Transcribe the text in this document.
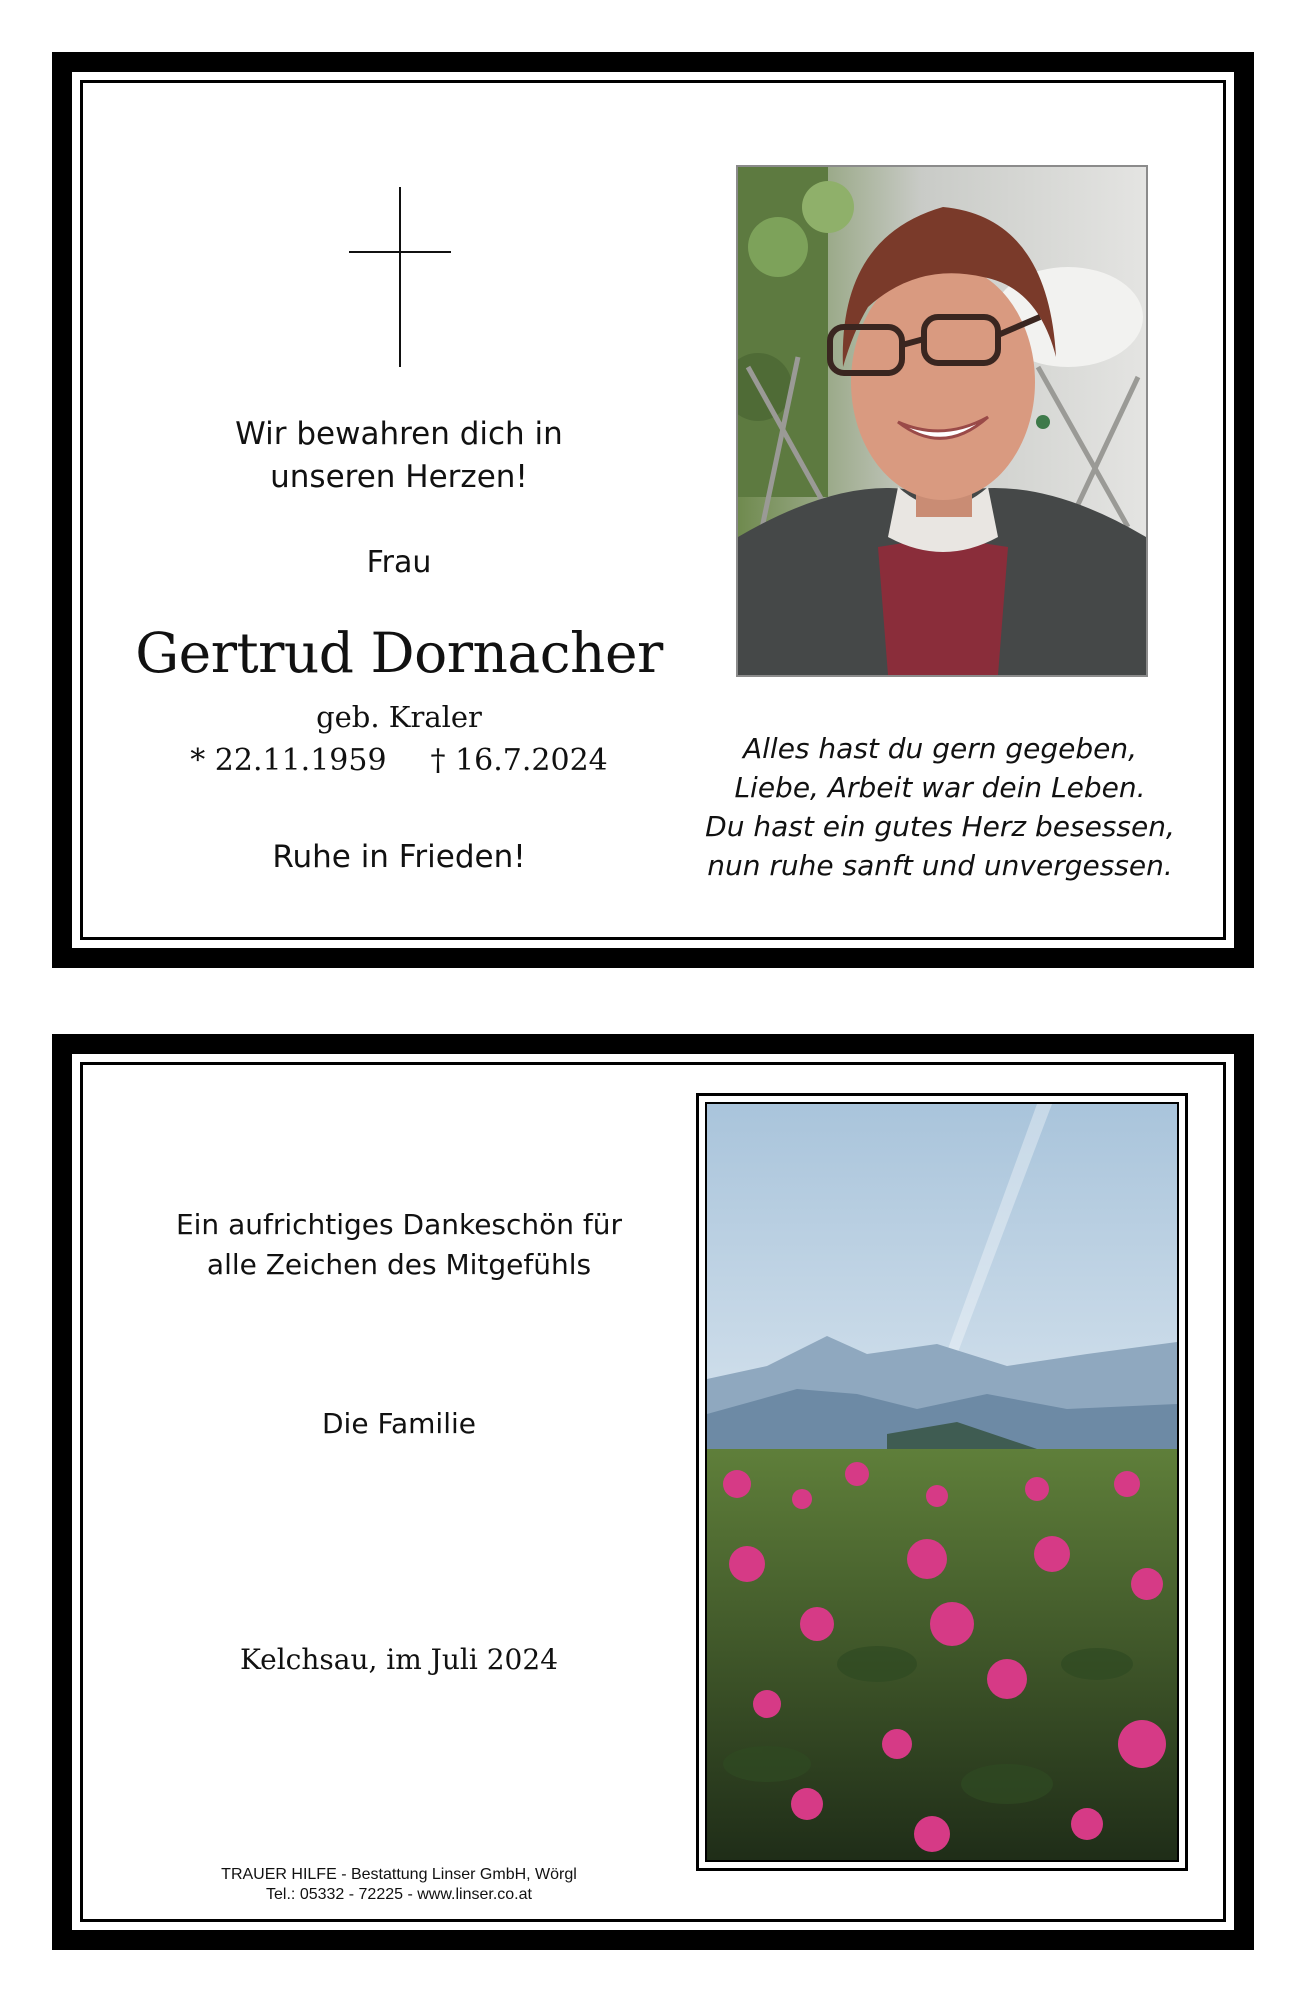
Wir bewahren dich in
unseren Herzen!
Frau
Gertrud Dornacher
geb. Kraler
* 22.11.1959 † 16.7.2024
Ruhe in Frieden!
Alles hast du gern gegeben,
Liebe, Arbeit war dein Leben.
Du hast ein gutes Herz besessen,
nun ruhe sanft und unvergessen.
Ein aufrichtiges Dankeschön für
alle Zeichen des Mitgefühls
Die Familie
Kelchsau, im Juli 2024
TRAUER HILFE - Bestattung Linser GmbH, Wörgl
Tel.: 05332 - 72225 - www.linser.co.at
